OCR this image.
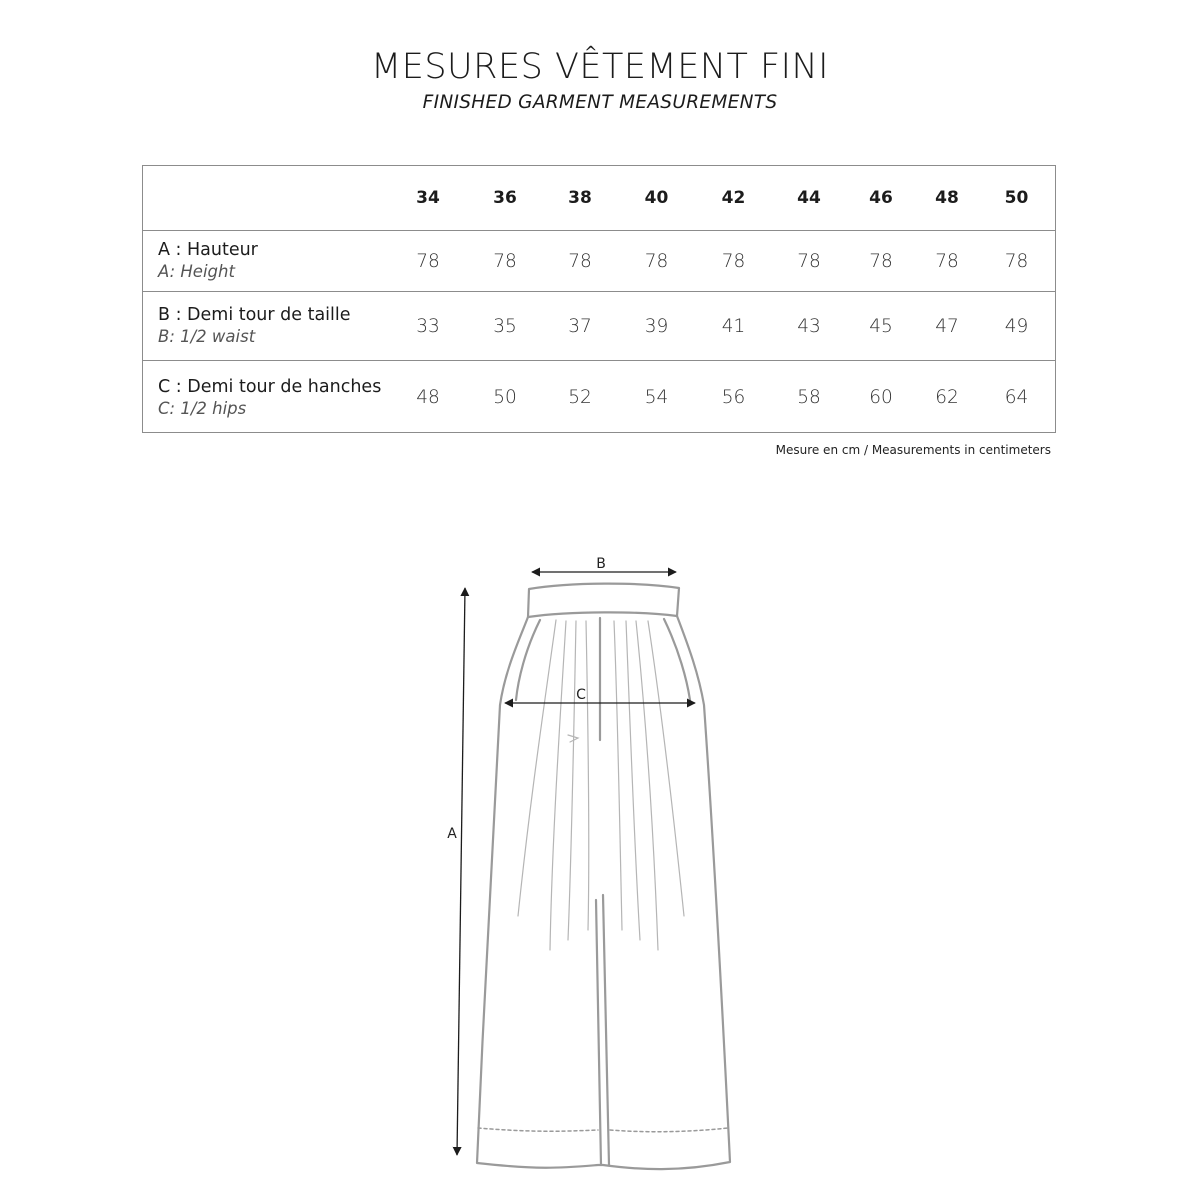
MESURES VÊTEMENT FINI
FINISHED GARMENT MEASUREMENTS
	34	36	38	40	42	44	46	48	50

A : Hauteur
A: Height	78	78	78	78	78	78	78	78	78

B : Demi tour de taille
B: 1/2 waist	33	35	37	39	41	43	45	47	49

C : Demi tour de hanches
C: 1/2 hips	48	50	52	54	56	58	60	62	64
Mesure en cm / Measurements in centimeters
B
C
A
